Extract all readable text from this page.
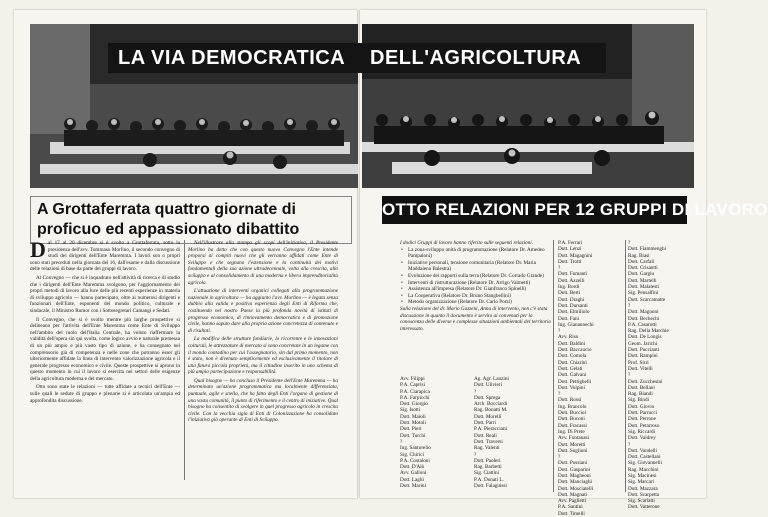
LA VIA DEMOCRATICA	DELL'AGRICOLTURA
A Grottaferrata quattro giornate di proficuo ed appassionato dibattito
OTTO RELAZIONI PER 12 GRUPPI DI LAVORO
D al 17 al 20 dicembre si è svolto a Grottaferrata, sotto la presidenza dell'avv. Tommaso Morlino, il secondo convegno di studi dei dirigenti dell'Ente Maremma. I lavori son o propri sono stati preceduti nella giornata del 16, dall'esame e dalla discussione delle relazioni di base da parte dei gruppi di lavoro.

Al Convegno — che si è inquadrato nell'attività di ricerca e di studio che i dirigenti dell'Ente Maremma svolgono, per l'aggiornamento dei propri metodi di lavoro alla luce delle più recenti esperienze in materia di sviluppo agricolo — hanno partecipato, oltre ai numerosi dirigenti e funzionari dell'Ente, esponenti del mondo politico, culturale e sindacale, il Ministro Rumor con i Sottosegretari Camangi e Sedati.

Il Convegno, che si è svolto mentre più larghe prospettive si delineano per l'attività dell'Ente Maremma come Ente di Sviluppo nell'ambito del ruolo dell'Italia Centrale, ha voluto riaffermare la validità dell'opera sin qui svolta, come logico avvio e naturale premessa di un più ampio e più vasto tipo di azione, e ha consegnato nel comprensorio già di competenza e nelle zone che potranno esser gli ulteriormente affidate la linea di intervento valorizzazione agricola e il generale progresso economico e civile. Queste prospettive si aprono in questo momento in cui il lavoro si esercita nei settori delle esigenze della agricoltura moderna e del mercato.

Otto sono state le relazioni — tutte affidate a tecnici dell'Ente — sulle quali le sedute di gruppo e plenarie si è articolata un'ampia ed approfondita discussione.

Nell'illustrare alla stampa gli scopi dell'iniziativa, il Presidente Morlino ha detto che con questo nuovo Convegno l'Ente intende proporsi ai compiti nuovi che gli verranno affidati come Ente di Sviluppo e che segnano l'estensione e la continuità dei motivi fondamentali della sua azione ultradecennale, volta alla crescita, allo sviluppo e al consolidamento di una moderna e libera imprenditorialità agricola.

L'attuazione di interventi organici collegati alla programmazione nazionale in agricoltura — ha aggiunto l'avv. Morlino — è legata senza dubbio alla valida e positiva esperienza degli Enti di Riforma che, costituendo nel nostro Paese la più profonda novità di istituti di progresso economico, di rinnovamento democratico e di promozione civile, hanno saputo dare alla propria azione concretezza di contenuto e di risultati.

La modifica delle strutture fondiarie, lo ricorrente e le innovazioni colturali, le attrezzature di mercato si sono concretate in un legame con il mondo contadino per cui l'assegnatario, sin dal primo momento, non è stato, non è divenuto semplicemente ed esclusivamente il titolare di una futura piccola proprietà, ma il cittadino inserito in uno schema di più ampia partecipazione e responsabilità.

Qual bisogno — ha concluso il Presidente dell'Ente Maremma — ha determinato un'azione programmatica ma localmente differenziata, puntuale, agile e snella, che ha fatto degli Enti l'organo di gestione di una vasta comunità, il punto di riferimento e il centro di iniziative. Qual bisogno ha consentito di svolgere in quel progresso agricolo in crescita civile. Con la vecchia sigla di Enti di Colonizzazione ha consolidato l'iniziativa già operante di Enti di Sviluppo.

I dodici Gruppi di lavoro hanno riferito sulle seguenti relazioni.
• La zona-sviluppo unità di programmazione (Relatore Dr. Amedeo Pampaloni)
• Iniziative personali, tensione comunitaria (Relatore Dr. Maria Maddalena Balestra)
• Evoluzione dei rapporti sulla terra (Relatore Dr. Corrado Grande)
• Interventi di ristrutturazione (Relatore Dr. Arrigo Valmetti)
• Assistenza all'impresa (Relatore Dr. Gianfranco Spinelli)
• La Cooperativa (Relatore Dr. Bruno Stangbellini)
• Metodo organizzazione (Relatore Dr. Carlo Porzi)
Sulla relazione del dr. Mario Gazzeni, Anna di intervento, non c'è stata discussione in quanto il documento è servito ai convenuti per la conoscenza delle diverse e complesse situazioni ambientali del territorio interessato.
Avv. Filippi
P.A. Caprisi
P.A. Ciarapica
P.A. Farpicchi
Dott. Giorgio
Sig. Isotti
Dott. Maioli
Dott. Motoli
Dott. Pieri
Dott. Turchi
?
Ing. Santorelio
Sig. Chirici
P.A. Costaloni
Dott. D'Alò
Avv. Galloni
Dott. Laghi
Dott. Marini
Ag. Agr. Lanzini
Dott. Ulivieri
?
Dott. Sprega
Arch. Bocciardi
Rag. Bonatti M.
Dott. Morelli
Dott. Parri
P.A. Pieracciani
Dott. Reali
Dott. Traversi
Rag. Valenti
?
Dott. Paoleri
Rag. Barbetti
Sig. Ciattini
P.A. Donati L.
Dott. Falaguissi
P.A. Ferrari
Dott. Lenzi
Dott. Magagnini
Dott. Trotti
?
Dott. Fumanti
Dott. Azzelli
Ing. Bordi
Dott. Berti
Dott. Draghi
Dott. Dursanti
Dott. Elmiliolo
Dott. Fani
Ing. Gianannechi
?
Avv. Riso
Dott. Baldini
Dott. Baccaucio
Dott. Comola
Dott. Chiarini
Dott. Gelati
Dott. Galvani
Dott. Pettighelli
Dott. Volpini
?
Dott. Rossi
Ing. Brancolo
Dott. Bucciol
Dott. Buconi
Dott. Fracassi
Ing. Di Prete
Avv. Fontanasi
Dott. Moretti
Dott. Soglioni
?
Dott. Possiani
Dott. Gasparini
Dott. Magheoni
Dott. Manciaghi
Dott. Mosciatelli
Dott. Magnati
Avv. Paglietti
P.A. Santini
Dott. Timelli
?
Dott. Fiammenghi
Rag. Biasi
Dott. Carfali
Dott. Crisantti
Dott. Gargiu
Dott. Martelli
Dott. Malatesti
Sig. Pensalfini
Dott. Scarcamatte
?
Dott. Magnoni
Dott. Bechechi
P.A. Casarotti
Rag. Della Marchie
Dott. De Longis
Geom. Jarichi
Dott. Puccianti
Dott. Rampini
Prof. Sirri
Dott. Vitelli
?
Dott. Zucchesini
Dott. Bellani
Rag. Biandi
Sig. Bindi
Dott. Giovio
Dott. Parrucci
Dott. Perrone
Dott. Petarroso
Sig. Riccardi
Dott. Valdrey
?
Dott. Vandelli
Dott. Castellani
Sig. Giovannelli
Rag. Macchini
Sig. Macinesi
Sig. Marcari
Dott. Mazzara
Dott. Scarpetta
Sig. Scarlatti
Dott. Vatterone
